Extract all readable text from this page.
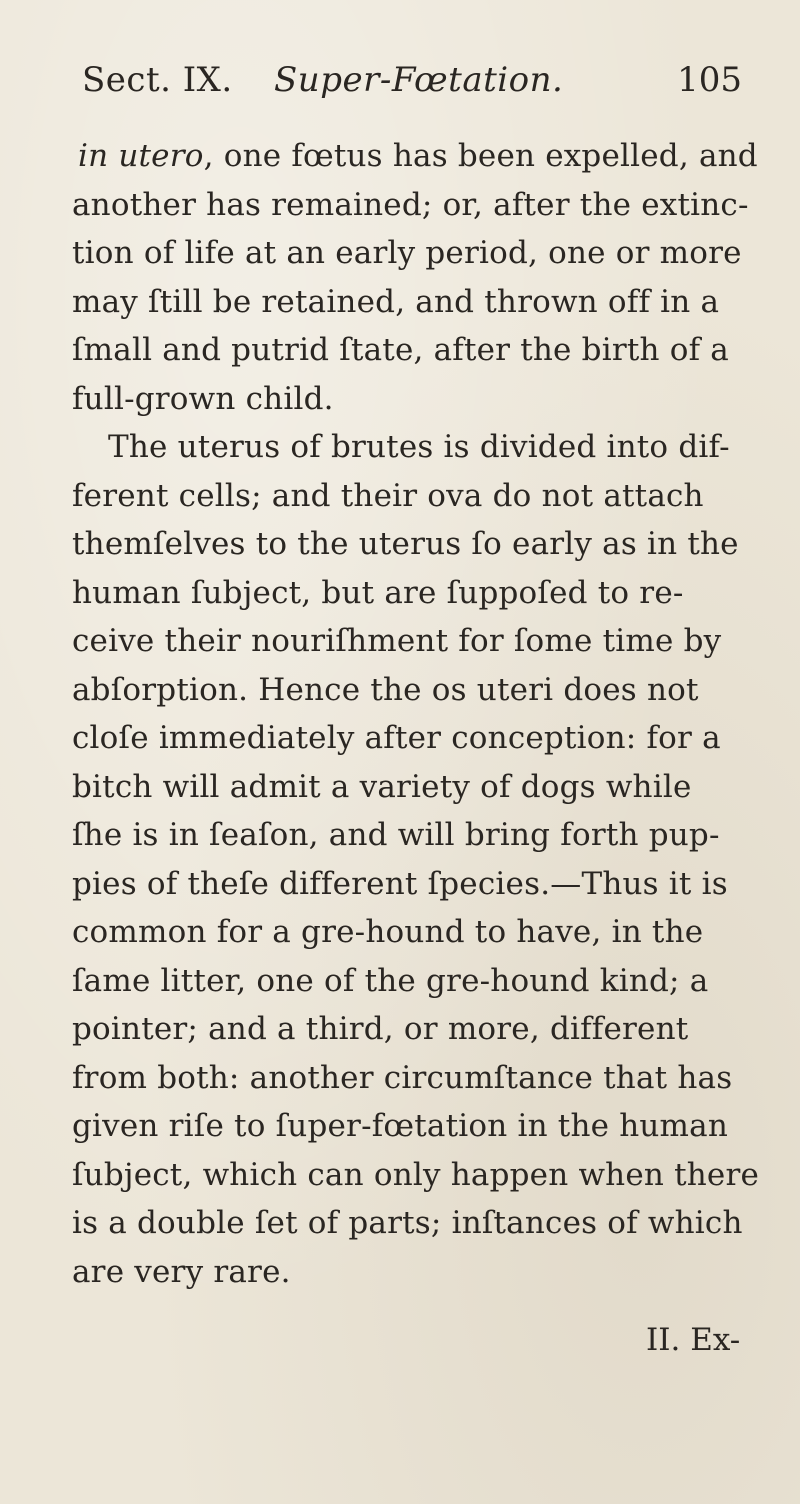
Sect. IX. Super-Fœtation.	105
in utero, one fœtus has been expelled, and
another has remained; or, after the extinc-
tion of life at an early period, one or more
may ſtill be retained, and thrown off in a
ſmall and putrid ſtate, after the birth of a
full-grown child.
The uterus of brutes is divided into dif-
ferent cells; and their ova do not attach
themſelves to the uterus ſo early as in the
human ſubject, but are ſuppoſed to re-
ceive their nouriſhment for ſome time by
abſorption. Hence the os uteri does not
cloſe immediately after conception: for a
bitch will admit a variety of dogs while
ſhe is in ſeaſon, and will bring forth pup-
pies of theſe different ſpecies.—Thus it is
common for a gre-hound to have, in the
ſame litter, one of the gre-hound kind; a
pointer; and a third, or more, different
from both: another circumſtance that has
given riſe to ſuper-fœtation in the human
ſubject, which can only happen when there
is a double ſet of parts; inſtances of which
are very rare.
II. Ex-
